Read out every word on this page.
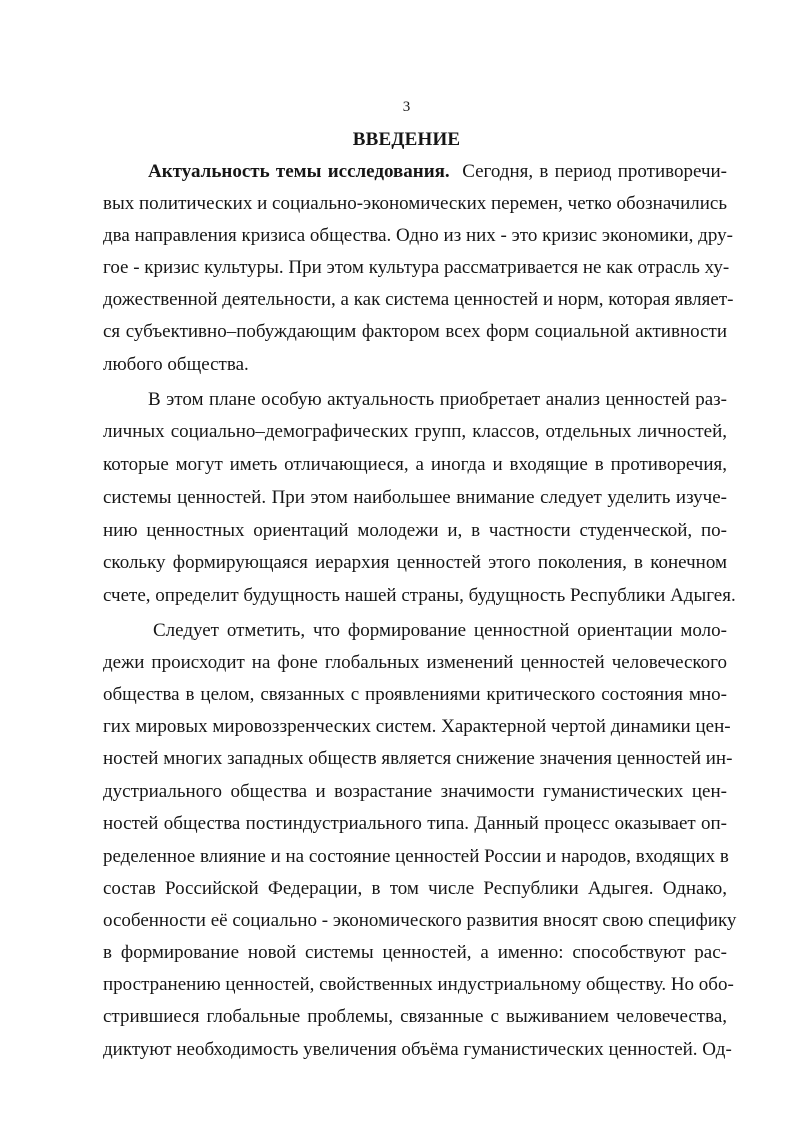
3
ВВЕДЕНИЕ
Актуальность темы исследования. Сегодня, в период противоречи-
вых политических и социально-экономических перемен, четко обозначились
два направления кризиса общества. Одно из них - это кризис экономики, дру-
гое - кризис культуры. При этом культура рассматривается не как отрасль ху-
дожественной деятельности, а как система ценностей и норм, которая являет-
ся субъективно–побуждающим фактором всех форм социальной активности
любого общества.
В этом плане особую актуальность приобретает анализ ценностей раз-
личных социально–демографических групп, классов, отдельных личностей,
которые могут иметь отличающиеся, а иногда и входящие в противоречия,
системы ценностей. При этом наибольшее внимание следует уделить изуче-
нию ценностных ориентаций молодежи и, в частности студенческой, по-
скольку формирующаяся иерархия ценностей этого поколения, в конечном
счете, определит будущность нашей страны, будущность Республики Адыгея.
Следует отметить, что формирование ценностной ориентации моло-
дежи происходит на фоне глобальных изменений ценностей человеческого
общества в целом, связанных с проявлениями критического состояния мно-
гих мировых мировоззренческих систем. Характерной чертой динамики цен-
ностей многих западных обществ является снижение значения ценностей ин-
дустриального общества и возрастание значимости гуманистических цен-
ностей общества постиндустриального типа. Данный процесс оказывает оп-
ределенное влияние и на состояние ценностей России и народов, входящих в
состав Российской Федерации, в том числе Республики Адыгея. Однако,
особенности её социально - экономического развития вносят свою специфику
в формирование новой системы ценностей, а именно: способствуют рас-
пространению ценностей, свойственных индустриальному обществу. Но обо-
стрившиеся глобальные проблемы, связанные с выживанием человечества,
диктуют необходимость увеличения объёма гуманистических ценностей. Од-
